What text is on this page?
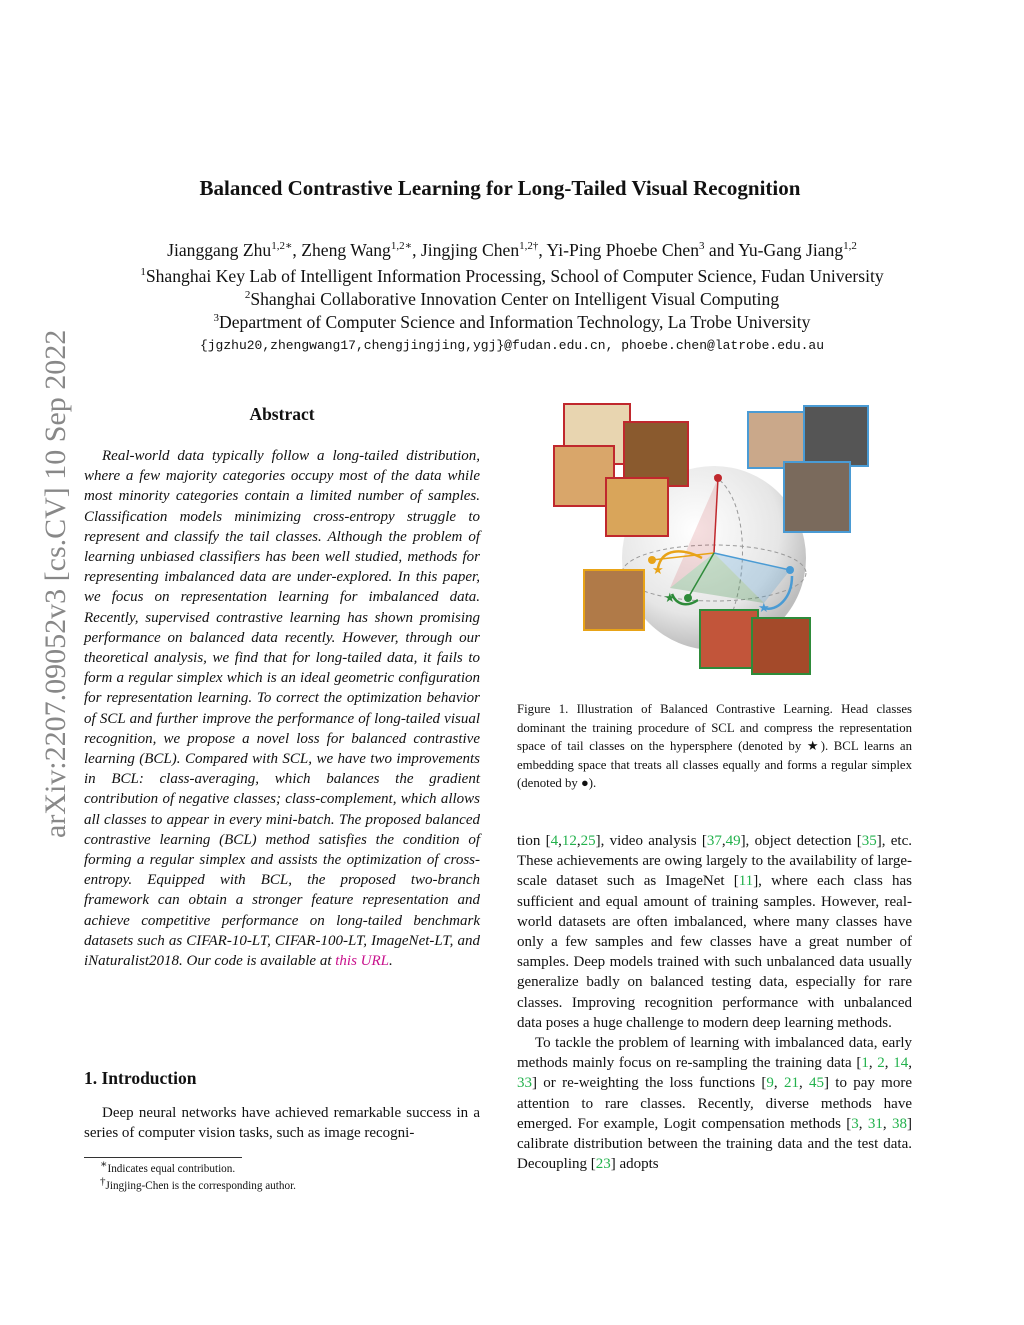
arXiv:2207.09052v3 [cs.CV] 10 Sep 2022
Balanced Contrastive Learning for Long-Tailed Visual Recognition
Jianggang Zhu$^{1,2∗}$, Zheng Wang$^{1,2∗}$, Jingjing Chen$^{1,2\dagger}$, Yi-Ping Phoebe Chen$^3$ and Yu-Gang Jiang$^{1,2}$
$^1$Shanghai Key Lab of Intelligent Information Processing, School of Computer Science, Fudan University
$^2$Shanghai Collaborative Innovation Center on Intelligent Visual Computing
$^3$Department of Computer Science and Information Technology, La Trobe University
{jgzhu20,zhengwang17,chengjingjing,ygj}@fudan.edu.cn, phoebe.chen@latrobe.edu.au
Abstract

Real-world data typically follow a long-tailed distribution, where a few majority categories occupy most of the data while most minority categories contain a limited number of samples. Classification models minimizing cross-entropy struggle to represent and classify the tail classes. Although the problem of learning unbiased classifiers has been well studied, methods for representing imbalanced data are under-explored. In this paper, we focus on representation learning for imbalanced data. Recently, supervised contrastive learning has shown promising performance on balanced data recently. However, through our theoretical analysis, we find that for long-tailed data, it fails to form a regular simplex which is an ideal geometric configuration for representation learning. To correct the optimization behavior of SCL and further improve the performance of long-tailed visual recognition, we propose a novel loss for balanced contrastive learning (BCL). Compared with SCL, we have two improvements in BCL: class-averaging, which balances the gradient contribution of negative classes; class-complement, which allows all classes to appear in every mini-batch. The proposed balanced contrastive learning (BCL) method satisfies the condition of forming a regular simplex and assists the optimization of cross-entropy. Equipped with BCL, the proposed two-branch framework can obtain a stronger feature representation and achieve competitive performance on long-tailed benchmark datasets such as CIFAR-10-LT, CIFAR-100-LT, ImageNet-LT, and iNaturalist2018. Our code is available at this URL.

1. Introduction

Deep neural networks have achieved remarkable success in a series of computer vision tasks, such as image recogni-

∗Indicates equal contribution.
†Jingjing-Chen is the corresponding author.
★
★
★
Figure 1. Illustration of Balanced Contrastive Learning. Head classes dominant the training procedure of SCL and compress the representation space of tail classes on the hypersphere (denoted by ★). BCL learns an embedding space that treats all classes equally and forms a regular simplex (denoted by ●).

tion [4,12,25], video analysis [37,49], object detection [35], etc. These achievements are owing largely to the availability of large-scale dataset such as ImageNet [11], where each class has sufficient and equal amount of training samples. However, real-world datasets are often imbalanced, where many classes have only a few samples and few classes have a great number of samples. Deep models trained with such unbalanced data usually generalize badly on balanced testing data, especially for rare classes. Improving recognition performance with unbalanced data poses a huge challenge to modern deep learning methods.

To tackle the problem of learning with imbalanced data, early methods mainly focus on re-sampling the training data [1, 2, 14, 33] or re-weighting the loss functions [9, 21, 45] to pay more attention to rare classes. Recently, diverse methods have emerged. For example, Logit compensation methods [3, 31, 38] calibrate distribution between the training data and the test data. Decoupling [23] adopts
